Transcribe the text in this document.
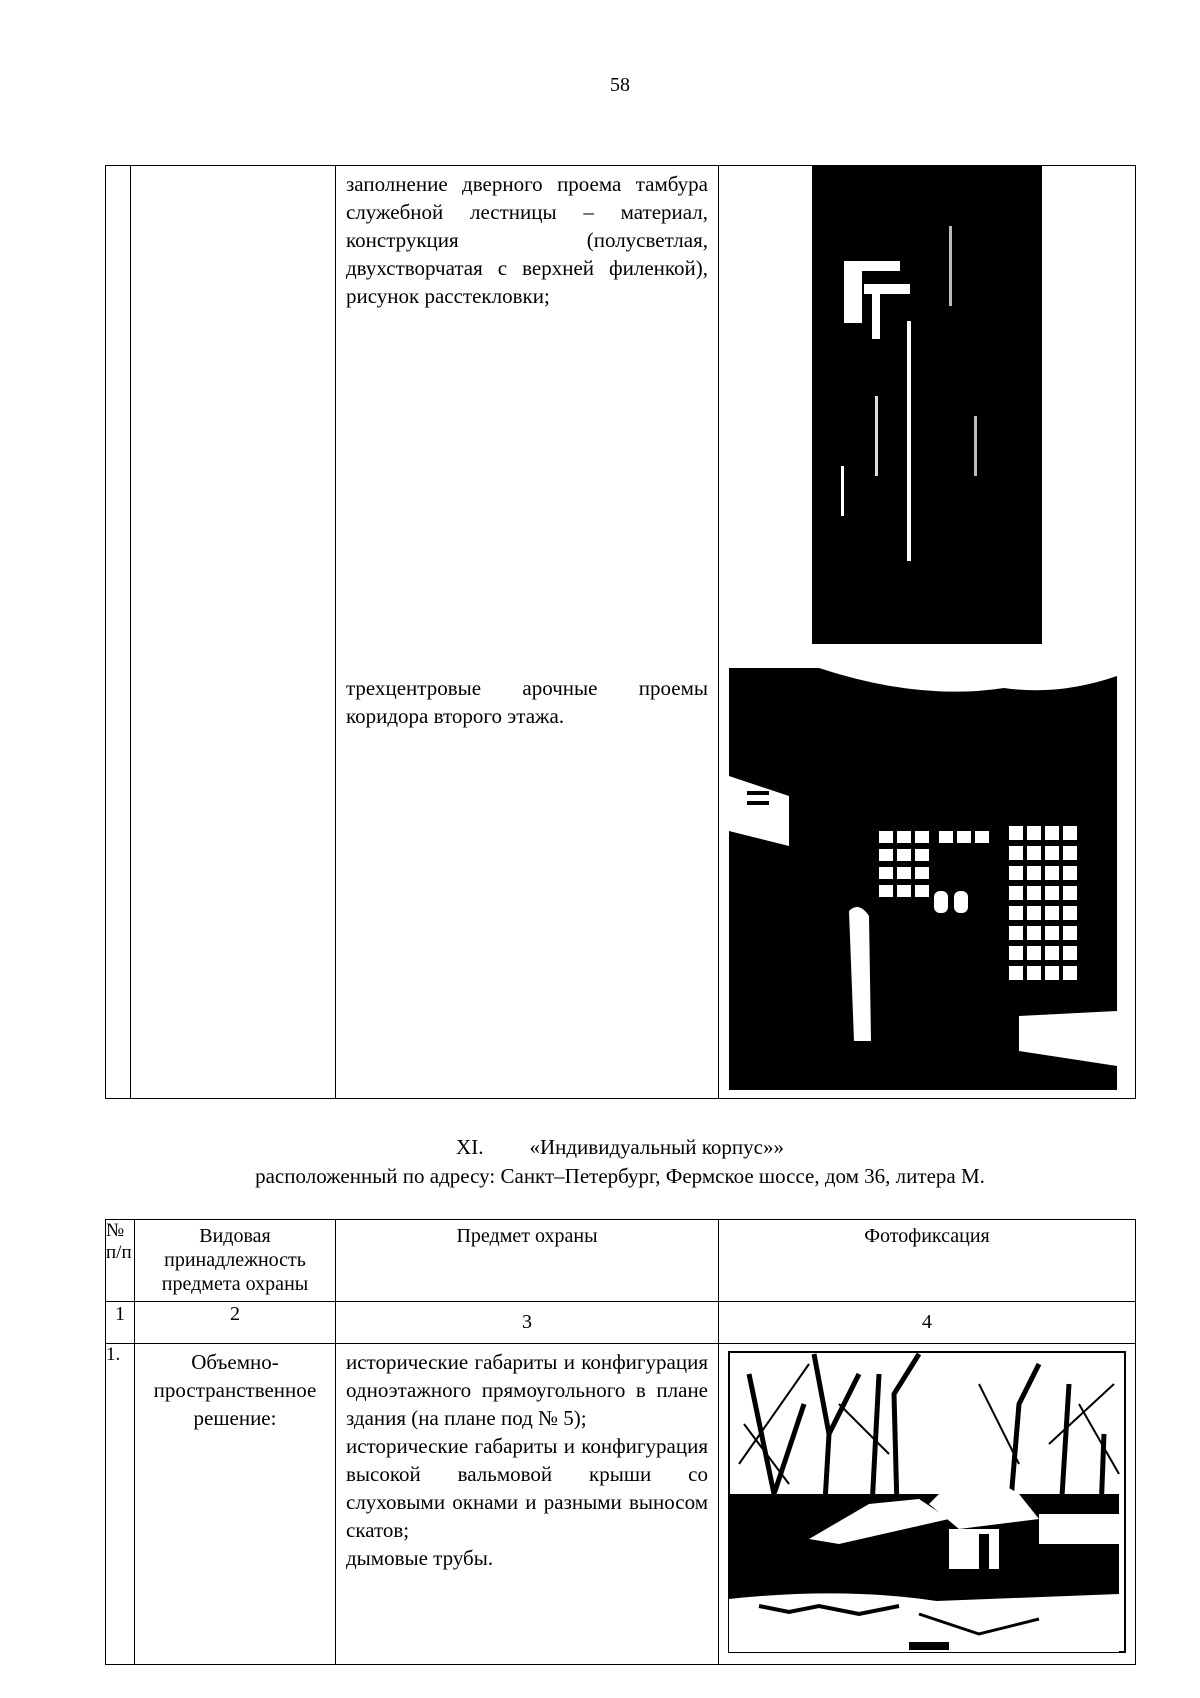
58

		заполнение дверного проема тамбура служебной лестницы – материал, конструкция (полусветлая, двухстворчатая с верхней филенкой), рисунок расстекловки;

		трехцентровые арочные проемы коридора второго этажа.

XI. «Индивидуальный корпус»»
расположенный по адресу: Санкт–Петербург, Фермское шоссе, дом 36, литера М.
№ п/п	Видовая принадлежность предмета охраны	Предмет охраны	Фотофиксация
1	2	3	4
1.	Объемно-пространственное решение:	исторические габариты и конфигурация одноэтажного прямоугольного в плане здания (на плане под № 5);

исторические габариты и конфигурация высокой вальмовой крыши со слуховыми окнами и разными выносом скатов;

дымовые трубы.
